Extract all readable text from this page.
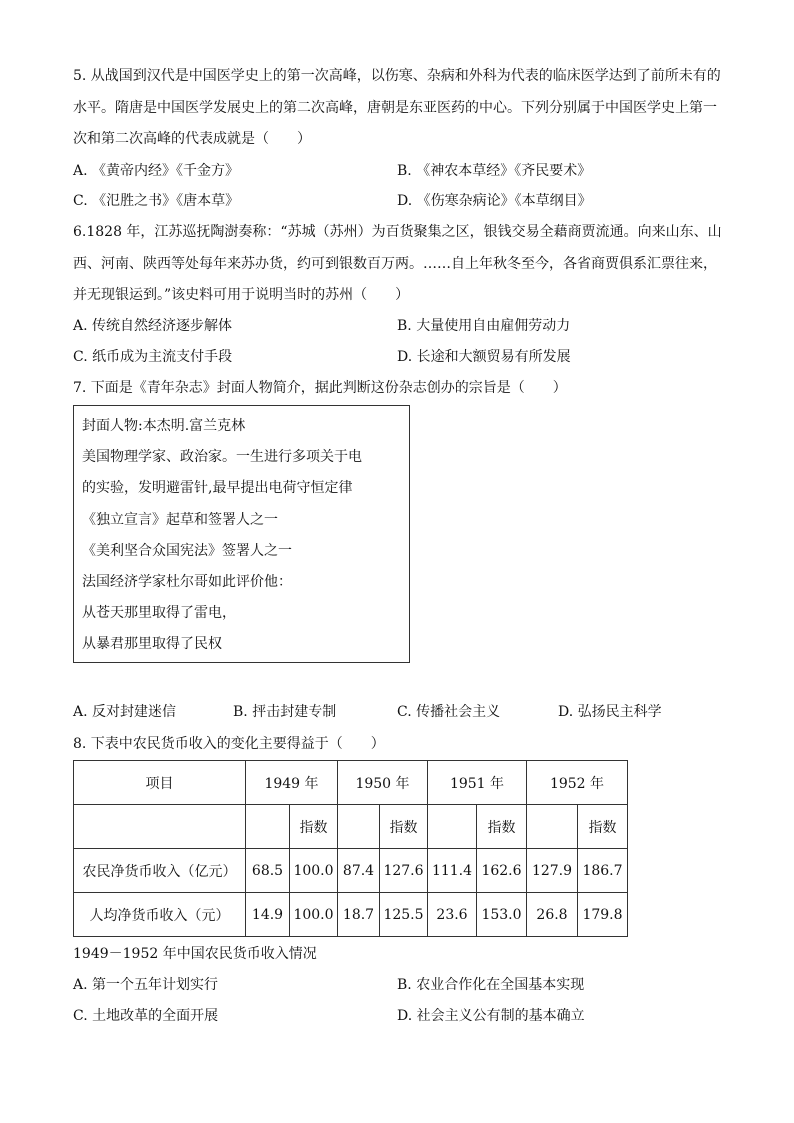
5. 从战国到汉代是中国医学史上的第一次高峰，以伤寒、杂病和外科为代表的临床医学达到了前所未有的
水平。隋唐是中国医学发展史上的第二次高峰，唐朝是东亚医药的中心。下列分别属于中国医学史上第一
次和第二次高峰的代表成就是（　　）
A. 《黄帝内经》《千金方》	B. 《神农本草经》《齐民要术》
C. 《氾胜之书》《唐本草》	D. 《伤寒杂病论》《本草纲目》
6.1828 年，江苏巡抚陶澍奏称：“苏城（苏州）为百货聚集之区，银钱交易全藉商贾流通。向来山东、山
西、河南、陕西等处每年来苏办货，约可到银数百万两。……自上年秋冬至今，各省商贾俱系汇票往来，
并无现银运到。”该史料可用于说明当时的苏州（　　）
A. 传统自然经济逐步解体	B. 大量使用自由雇佣劳动力
C. 纸币成为主流支付手段	D. 长途和大额贸易有所发展
7. 下面是《青年杂志》封面人物简介，据此判断这份杂志创办的宗旨是（　　）
封面人物:本杰明.富兰克林
美国物理学家、政治家。一生进行多项关于电
的实验，发明避雷针,最早提出电荷守恒定律
《独立宣言》起草和签署人之一
《美利坚合众国宪法》签署人之一
法国经济学家杜尔哥如此评价他：
从苍天那里取得了雷电，
从暴君那里取得了民权
A. 反对封建迷信	B. 抨击封建专制	C. 传播社会主义	D. 弘扬民主科学
8. 下表中农民货币收入的变化主要得益于（　　）
项目	1949 年		1950 年		1951 年		1952 年	
		指数		指数		指数		指数
农民净货币收入（亿元）	68.5	100.0	87.4	127.6	111.4	162.6	127.9	186.7
人均净货币收入（元）	14.9	100.0	18.7	125.5	23.6	153.0	26.8	179.8
1949－1952 年中国农民货币收入情况
A. 第一个五年计划实行	B. 农业合作化在全国基本实现
C. 土地改革的全面开展	D. 社会主义公有制的基本确立
